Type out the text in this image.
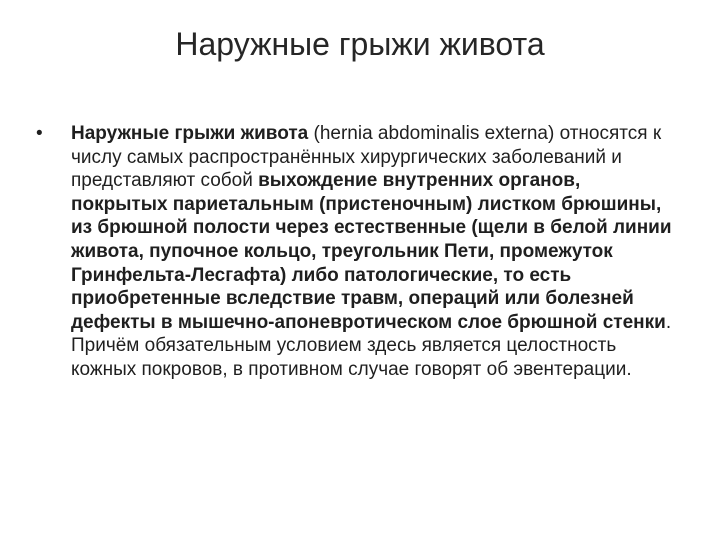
Наружные грыжи живота
• Наружные грыжи живота (hernia abdominalis externa) относятся к числу самых распространённых хирургических заболеваний и представляют собой выхождение внутренних органов, покрытых париетальным (пристеночным) листком брюшины, из брюшной полости через естественные (щели в белой линии живота, пупочное кольцо, треугольник Пети, промежуток Гринфельта-Лесгафта) либо патологические, то есть приобретенные вследствие травм, операций или болезней дефекты в мышечно-апоневротическом слое брюшной стенки. Причём обязательным условием здесь является целостность кожных покровов, в противном случае говорят об эвентерации.
